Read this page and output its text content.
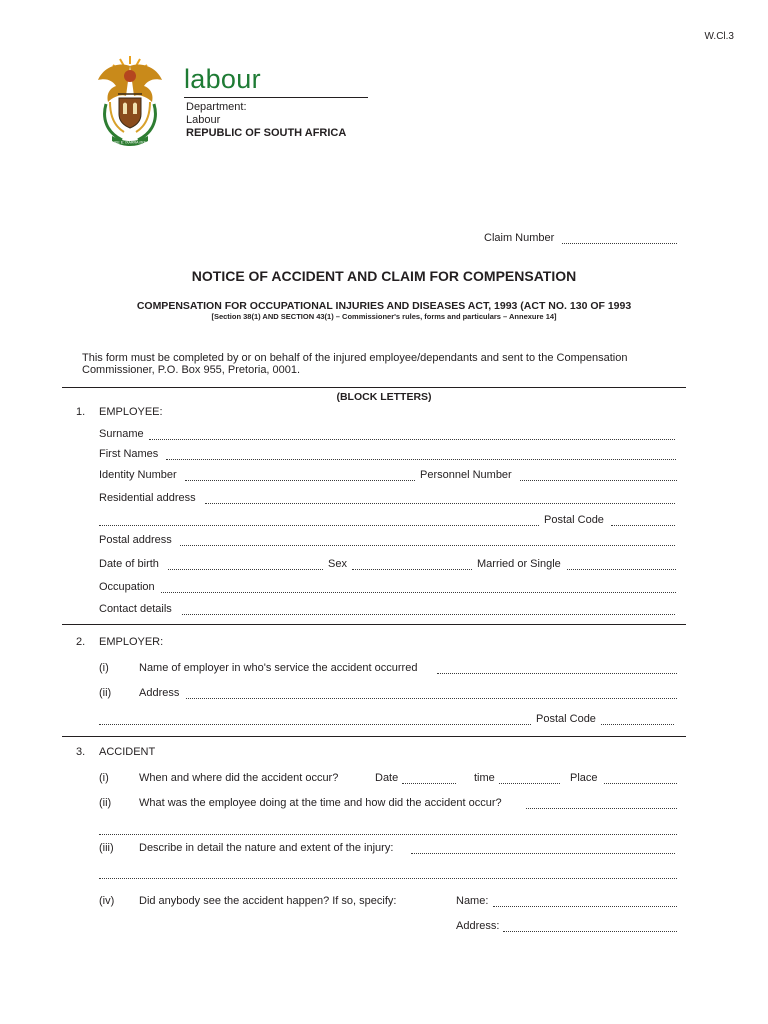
W.Cl.3
!KE E: /XARRA //KE
labour
Department:
Labour
REPUBLIC OF SOUTH AFRICA
Claim Number
NOTICE OF ACCIDENT AND CLAIM FOR COMPENSATION
COMPENSATION FOR OCCUPATIONAL INJURIES AND DISEASES ACT, 1993 (ACT NO. 130 OF 1993
[Section 38(1) AND SECTION 43(1) – Commissioner's rules, forms and particulars – Annexure 14]
This form must be completed by or on behalf of the injured employee/dependants and sent to the Compensation
Commissioner, P.O. Box 955, Pretoria, 0001.
(BLOCK LETTERS)
1. EMPLOYEE:
Surname
First Names
Identity Number	Personnel Number
Residential address
Postal Code
Postal address
Date of birth	Sex	Married or Single
Occupation
Contact details
2. EMPLOYER:
(i)	Name of employer in who's service the accident occurred
(ii)	Address
Postal Code
3. ACCIDENT
(i)	When and where did the accident occur?	Date	time	Place
(ii)	What was the employee doing at the time and how did the accident occur?
(iii) Describe in detail the nature and extent of the injury:
(iv) Did anybody see the accident happen? If so, specify:	Name:
Address:
